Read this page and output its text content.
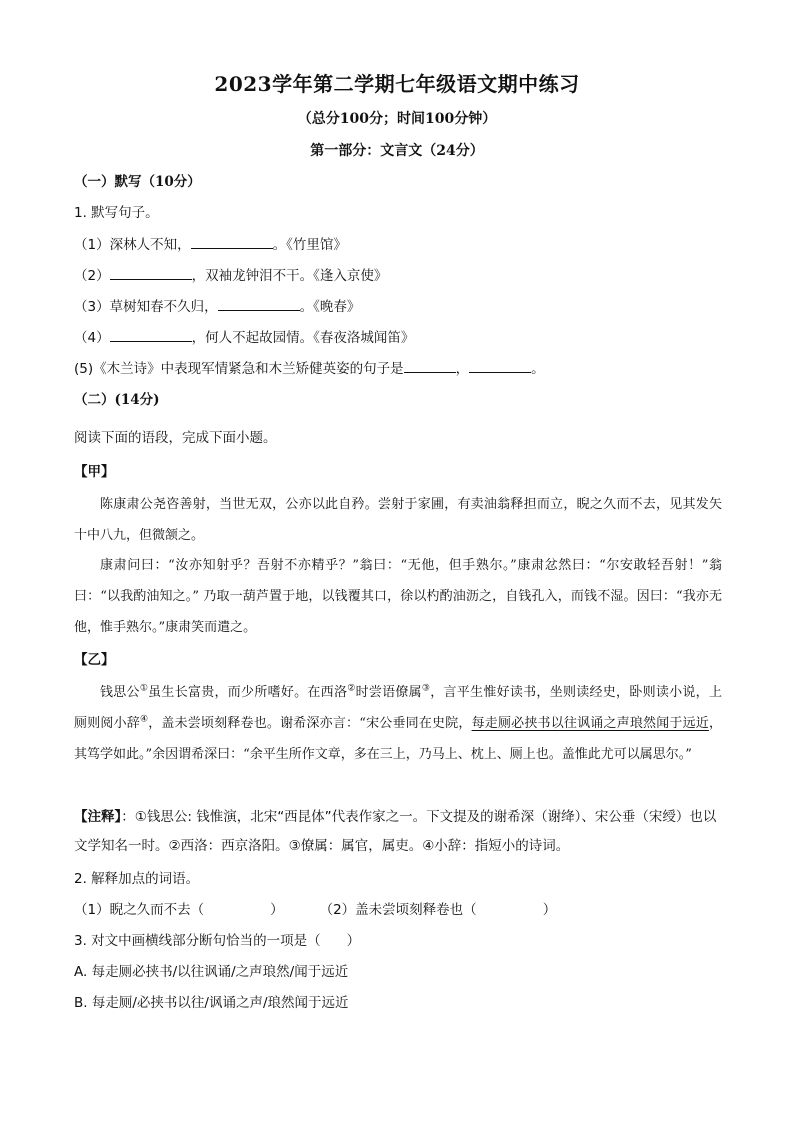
2023学年第二学期七年级语文期中练习
（总分100分；时间100分钟）
第一部分：文言文（24分）
（一）默写（10分）
1. 默写句子。
（1）深林人不知，	。《竹里馆》
（2）	，双袖龙钟泪不干。《逢入京使》
（3）草树知春不久归，	。《晚春》
（4）	，何人不起故园情。《春夜洛城闻笛》
(5)《木兰诗》中表现军情紧急和木兰矫健英姿的句子是	，	。
（二）(14分)
阅读下面的语段，完成下面小题。
【甲】
陈康肃公尧咨善射，当世无双，公亦以此自矜。尝射于家圃，有卖油翁释担而立，睨之久而不去，见其发矢十中八九，但微颔之。
康肃问曰：“汝亦知射乎？吾射不亦精乎？”翁曰：“无他，但手熟尔。”康肃忿然曰：“尔安敢轻吾射！”翁曰：“以我酌油知之。” 乃取一葫芦置于地，以钱覆其口，徐以杓酌油沥之，自钱孔入，而钱不湿。因曰：“我亦无他，惟手熟尔。”康肃笑而遣之。
【乙】
钱思公①虽生长富贵，而少所嗜好。在西洛②时尝语僚属③，言平生惟好读书，坐则读经史，卧则读小说，上厕则阅小辞④，盖未尝顷刻释卷也。谢希深亦言：“宋公垂同在史院，每走厕必挟书以往讽诵之声琅然闻于远近，其笃学如此。”余因谓希深曰：“余平生所作文章，多在三上，乃马上、枕上、厕上也。盖惟此尤可以属思尔。”
【注释】：①钱思公: 钱惟演，北宋“西昆体”代表作家之一。下文提及的谢希深（谢绛）、宋公垂（宋绶）也以文学知名一时。②西洛：西京洛阳。③僚属：属官，属吏。④小辞：指短小的诗词。
2. 解释加点的词语。
（1）睨之久而不去（	）	（2）盖未尝顷刻释卷也（	）
3. 对文中画横线部分断句恰当的一项是（ ）
A. 每走厕必挟书/以往讽诵/之声琅然/闻于远近
B. 每走厕/必挟书以往/讽诵之声/琅然闻于远近
